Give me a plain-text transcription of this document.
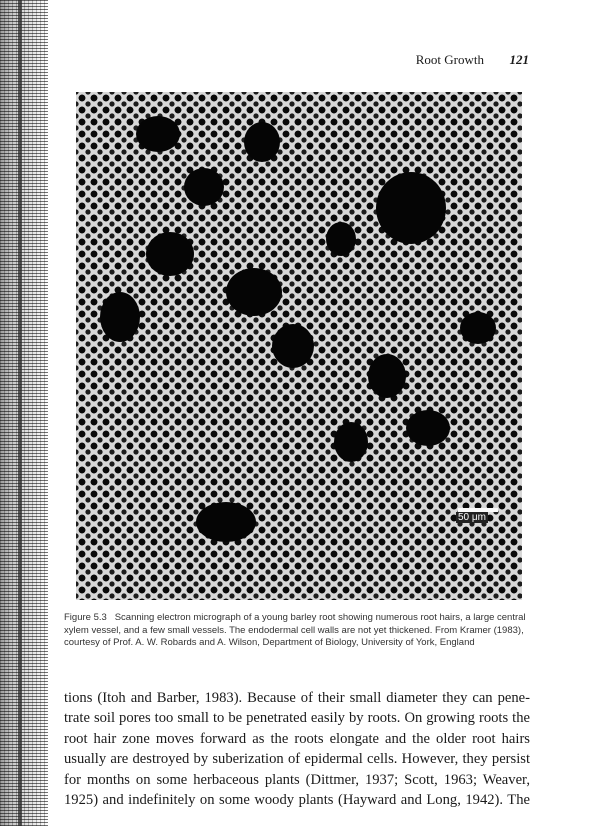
Root Growth 121
50 μm
Figure 5.3 Scanning electron micrograph of a young barley root showing numerous root hairs, a large central xylem vessel, and a few small vessels. The endodermal cell walls are not yet thickened. From Kramer (1983), courtesy of Prof. A. W. Robards and A. Wilson, Department of Biology, University of York, England
tions (Itoh and Barber, 1983). Because of their small diameter they can pene-
trate soil pores too small to be penetrated easily by roots. On growing roots the
root hair zone moves forward as the roots elongate and the older root hairs
usually are destroyed by suberization of epidermal cells. However, they persist
for months on some herbaceous plants (Dittmer, 1937; Scott, 1963; Weaver,
1925) and indefinitely on some woody plants (Hayward and Long, 1942). The
